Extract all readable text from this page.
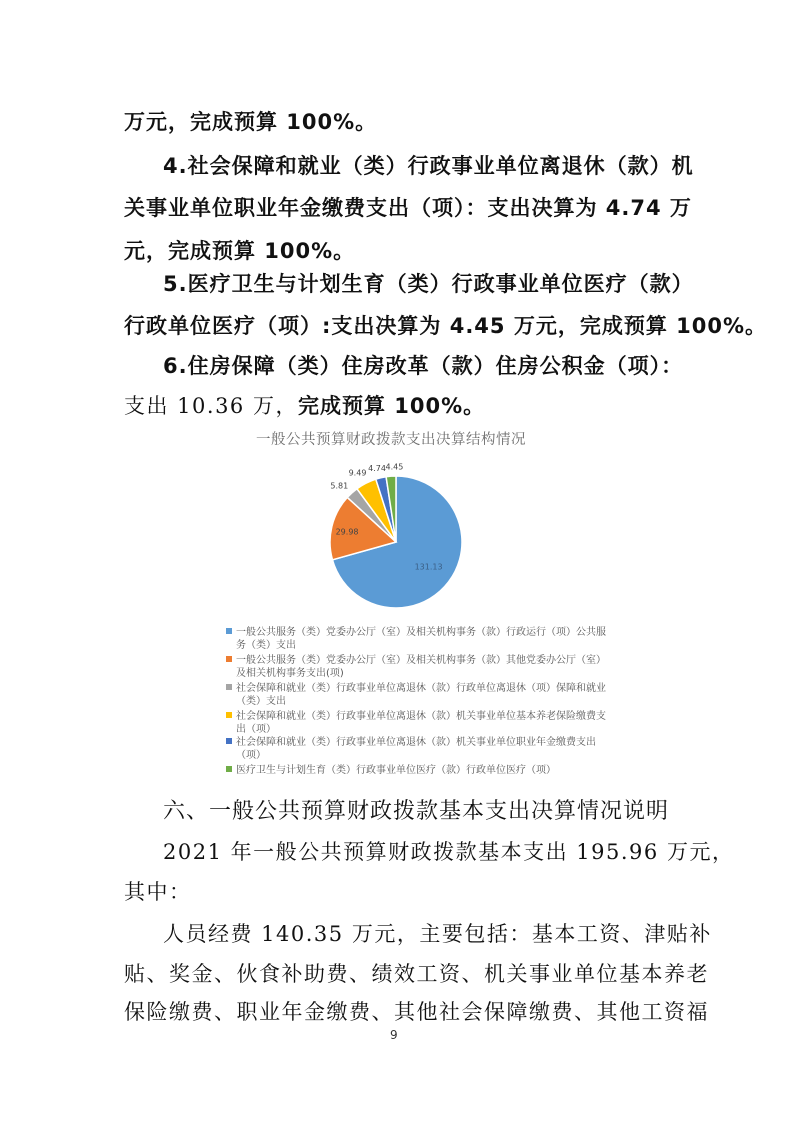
万元，完成预算 100%。
4.社会保障和就业（类）行政事业单位离退休（款）机
关事业单位职业年金缴费支出（项）：支出决算为 4.74 万
元，完成预算 100%。
5.医疗卫生与计划生育（类）行政事业单位医疗（款）
行政单位医疗（项）:支出决算为 4.45 万元，完成预算 100%。
6.住房保障（类）住房改革（款）住房公积金（项）：
支出 10.36 万，完成预算 100%。
一般公共预算财政拨款支出决算结构情况
131.13
29.98
5.81
9.49 4.74 4.45
一般公共服务（类）党委办公厅（室）及相关机构事务（款）行政运行（项）公共服务（类）支出
一般公共服务（类）党委办公厅（室）及相关机构事务（款）其他党委办公厅（室）及相关机构事务支出(项)
社会保障和就业（类）行政事业单位离退休（款）行政单位离退休（项）保障和就业（类）支出
社会保障和就业（类）行政事业单位离退休（款）机关事业单位基本养老保险缴费支出（项）
社会保障和就业（类）行政事业单位离退休（款）机关事业单位职业年金缴费支出（项）
医疗卫生与计划生育（类）行政事业单位医疗（款）行政单位医疗（项）
六、一般公共预算财政拨款基本支出决算情况说明
2021 年一般公共预算财政拨款基本支出 195.96 万元，
其中：
人员经费 140.35 万元，主要包括：基本工资、津贴补
贴、奖金、伙食补助费、绩效工资、机关事业单位基本养老
保险缴费、职业年金缴费、其他社会保障缴费、其他工资福
9
